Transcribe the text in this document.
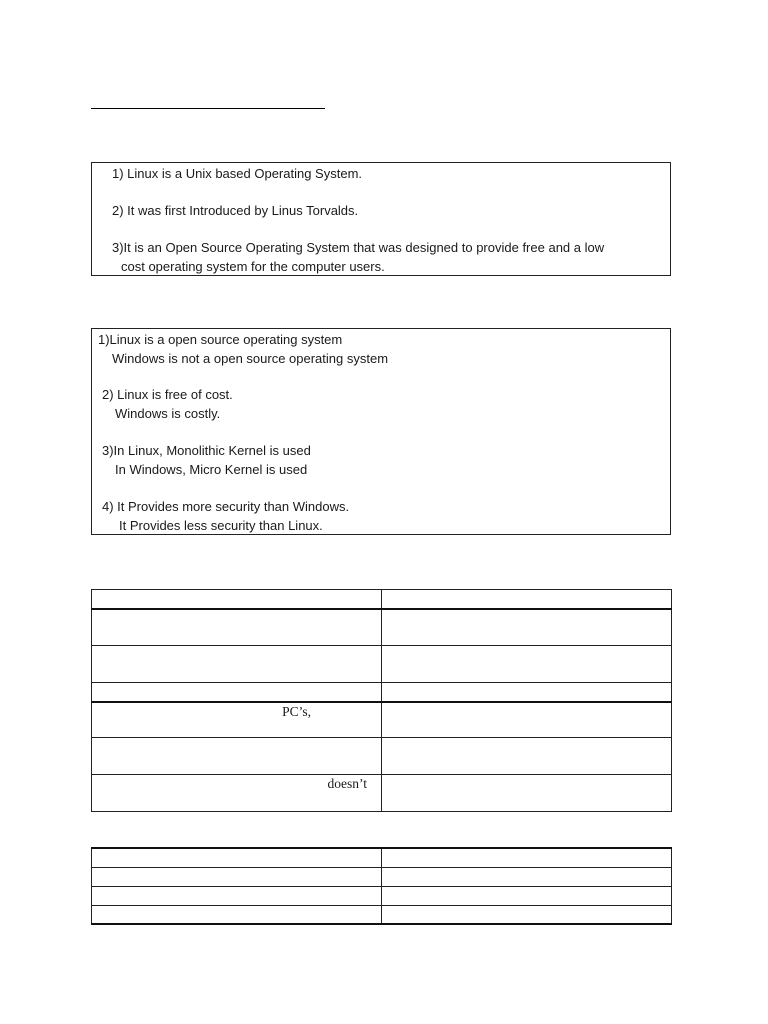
1) Linux is a Unix based Operating System.

2) It was first Introduced by Linus Torvalds.

3)It is an Open Source Operating System that was designed to provide free and a low

cost operating system for the computer users.

1)Linux is a open source operating system

Windows is not a open source operating system

2) Linux is free of cost.

Windows is costly.

3)In Linux, Monolithic Kernel is used

In Windows, Micro Kernel is used

4) It Provides more security than Windows.

It Provides less security than Linux.

PC’s,	

doesn’t	
